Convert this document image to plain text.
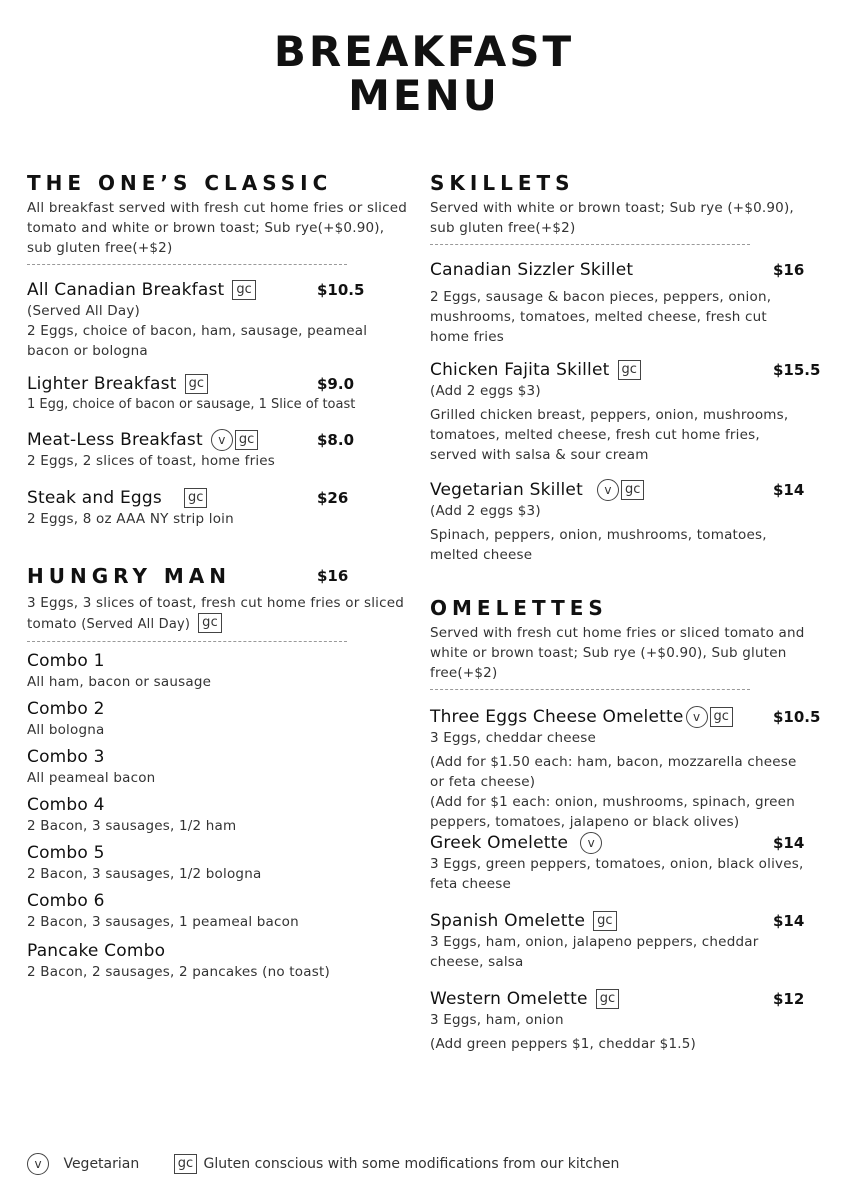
BREAKFAST
MENU
THE ONE’S CLASSIC
All breakfast served with fresh cut home fries or sliced tomato and white or brown toast; Sub rye(+$0.90), sub gluten free(+$2)
All Canadian Breakfast gc	$10.5
(Served All Day)
2 Eggs, choice of bacon, ham, sausage, peameal bacon or bologna
Lighter Breakfast gc	$9.0
1 Egg, choice of bacon or sausage, 1 Slice of toast
Meat-Less Breakfast v gc	$8.0
2 Eggs, 2 slices of toast, home fries
Steak and Eggs gc	$26
2 Eggs, 8 oz AAA NY strip loin
HUNGRY MAN	$16
3 Eggs, 3 slices of toast, fresh cut home fries or sliced tomato (Served All Day) gc
Combo 1
All ham, bacon or sausage
Combo 2
All bologna
Combo 3
All peameal bacon
Combo 4
2 Bacon, 3 sausages, 1/2 ham
Combo 5
2 Bacon, 3 sausages, 1/2 bologna
Combo 6
2 Bacon, 3 sausages, 1 peameal bacon
Pancake Combo
2 Bacon, 2 sausages, 2 pancakes (no toast)
SKILLETS
Served with white or brown toast; Sub rye (+$0.90), sub gluten free(+$2)
Canadian Sizzler Skillet	$16
2 Eggs, sausage & bacon pieces, peppers, onion, mushrooms, tomatoes, melted cheese, fresh cut home fries
Chicken Fajita Skillet gc	$15.5
(Add 2 eggs $3)
Grilled chicken breast, peppers, onion, mushrooms, tomatoes, melted cheese, fresh cut home fries, served with salsa & sour cream
Vegetarian Skillet v gc	$14
(Add 2 eggs $3)
Spinach, peppers, onion, mushrooms, tomatoes, melted cheese
OMELETTES
Served with fresh cut home fries or sliced tomato and white or brown toast; Sub rye (+$0.90), Sub gluten free(+$2)
Three Eggs Cheese Omelette v gc	$10.5
3 Eggs, cheddar cheese
(Add for $1.50 each: ham, bacon, mozzarella cheese or feta cheese)
(Add for $1 each: onion, mushrooms, spinach, green peppers, tomatoes, jalapeno or black olives)
Greek Omelette v	$14
3 Eggs, green peppers, tomatoes, onion, black olives, feta cheese
Spanish Omelette gc	$14
3 Eggs, ham, onion, jalapeno peppers, cheddar cheese, salsa
Western Omelette gc	$12
3 Eggs, ham, onion
(Add green peppers $1, cheddar $1.5)
v Vegetarian	gc Gluten conscious with some modifications from our kitchen
